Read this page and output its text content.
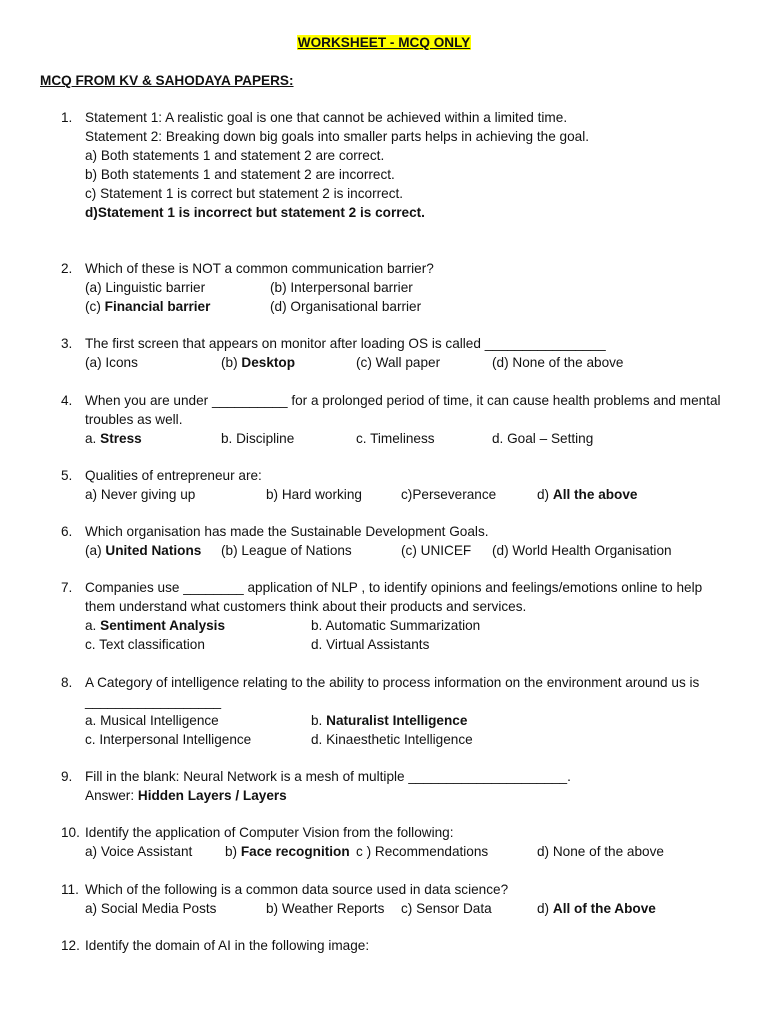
WORKSHEET - MCQ ONLY
MCQ FROM KV & SAHODAYA PAPERS:
1. Statement 1: A realistic goal is one that cannot be achieved within a limited time.
Statement 2: Breaking down big goals into smaller parts helps in achieving the goal.
a) Both statements 1 and statement 2 are correct.
b) Both statements 1 and statement 2 are incorrect.
c) Statement 1 is correct but statement 2 is incorrect.
d)Statement 1 is incorrect but statement 2 is correct.
2. Which of these is NOT a common communication barrier?
(a) Linguistic barrier	(b) Interpersonal barrier
(c) Financial barrier	(d) Organisational barrier
3. The first screen that appears on monitor after loading OS is called ________________
(a) Icons	(b) Desktop	(c) Wall paper	(d) None of the above
4. When you are under __________ for a prolonged period of time, it can cause health problems and mental
troubles as well.
a. Stress	b. Discipline	c. Timeliness	d. Goal – Setting
5. Qualities of entrepreneur are:
a) Never giving up	b) Hard working	c)Perseverance	d) All the above
6. Which organisation has made the Sustainable Development Goals.
(a) United Nations (b) League of Nations	(c) UNICEF (d) World Health Organisation
7. Companies use ________ application of NLP , to identify opinions and feelings/emotions online to help
them understand what customers think about their products and services.
a. Sentiment Analysis	b. Automatic Summarization
c. Text classification	d. Virtual Assistants
8. A Category of intelligence relating to the ability to process information on the environment around us is
__________________
a. Musical Intelligence	b. Naturalist Intelligence
c. Interpersonal Intelligence	d. Kinaesthetic Intelligence
9. Fill in the blank: Neural Network is a mesh of multiple _____________________.
Answer: Hidden Layers / Layers
10. Identify the application of Computer Vision from the following:
a) Voice Assistant b) Face recognition c ) Recommendations	d) None of the above
11. Which of the following is a common data source used in data science?
a) Social Media Posts	b) Weather Reports c) Sensor Data	d) All of the Above
12. Identify the domain of AI in the following image:
